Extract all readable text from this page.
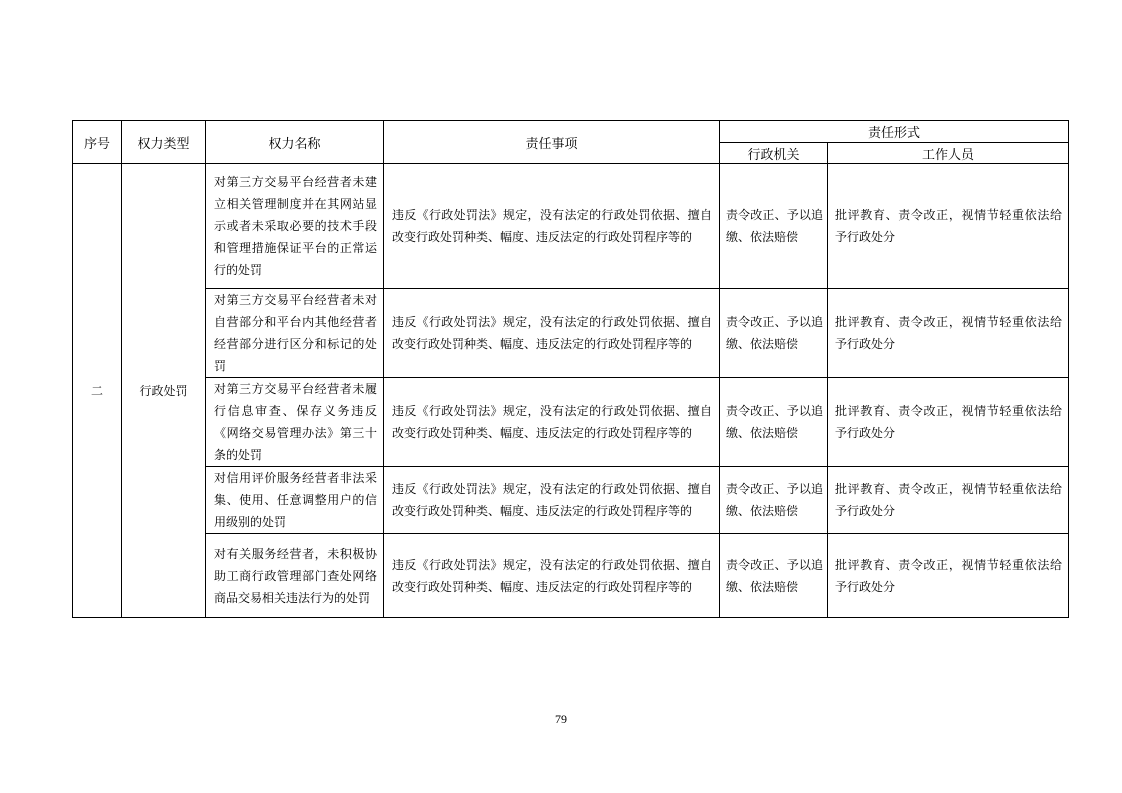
序号	权力类型	权力名称	责任事项	责任形式	
				行政机关	工作人员
二	行政处罚	对第三方交易平台经营者未建立相关管理制度并在其网站显示或者未采取必要的技术手段和管理措施保证平台的正常运行的处罚	违反《行政处罚法》规定，没有法定的行政处罚依据、擅自改变行政处罚种类、幅度、违反法定的行政处罚程序等的	责令改正、予以追缴、依法赔偿	批评教育、责令改正，视情节轻重依法给予行政处分
		对第三方交易平台经营者未对自营部分和平台内其他经营者经营部分进行区分和标记的处罚	违反《行政处罚法》规定，没有法定的行政处罚依据、擅自改变行政处罚种类、幅度、违反法定的行政处罚程序等的	责令改正、予以追缴、依法赔偿	批评教育、责令改正，视情节轻重依法给予行政处分
		对第三方交易平台经营者未履行信息审查、保存义务违反《网络交易管理办法》第三十条的处罚	违反《行政处罚法》规定，没有法定的行政处罚依据、擅自改变行政处罚种类、幅度、违反法定的行政处罚程序等的	责令改正、予以追缴、依法赔偿	批评教育、责令改正，视情节轻重依法给予行政处分
		对信用评价服务经营者非法采集、使用、任意调整用户的信用级别的处罚	违反《行政处罚法》规定，没有法定的行政处罚依据、擅自改变行政处罚种类、幅度、违反法定的行政处罚程序等的	责令改正、予以追缴、依法赔偿	批评教育、责令改正，视情节轻重依法给予行政处分
		对有关服务经营者，未积极协助工商行政管理部门查处网络商品交易相关违法行为的处罚	违反《行政处罚法》规定，没有法定的行政处罚依据、擅自改变行政处罚种类、幅度、违反法定的行政处罚程序等的	责令改正、予以追缴、依法赔偿	批评教育、责令改正，视情节轻重依法给予行政处分
79
